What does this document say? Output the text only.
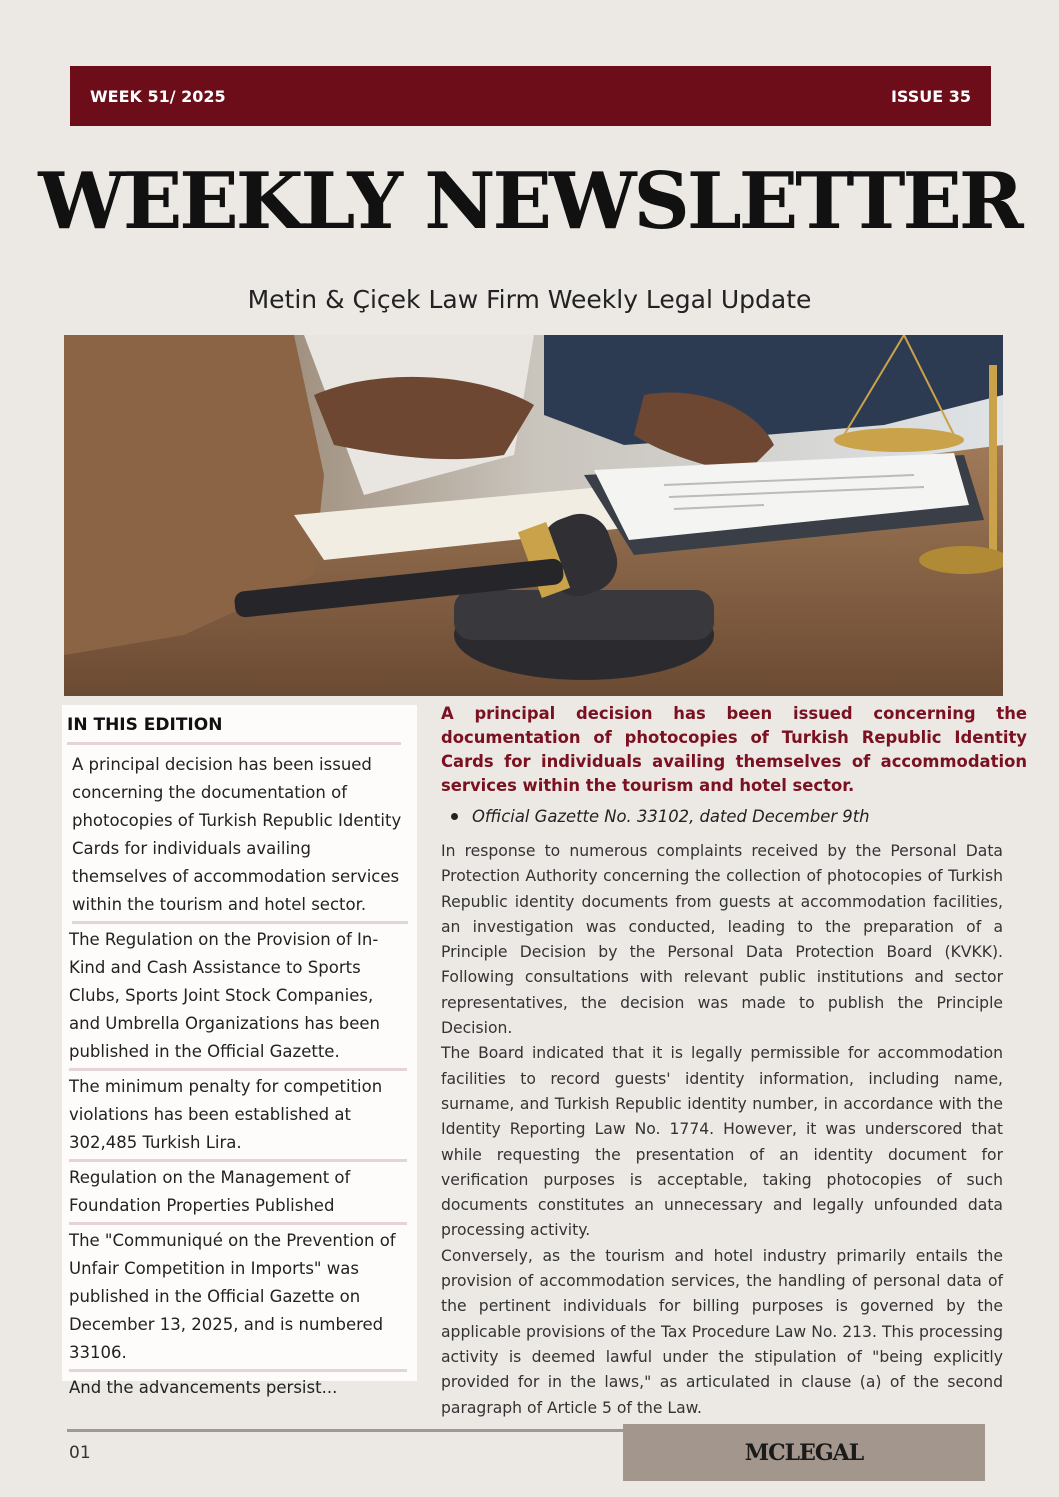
WEEK 51/ 2025	ISSUE 35
WEEKLY NEWSLETTER
Metin & Çiçek Law Firm Weekly Legal Update
IN THIS EDITION
A principal decision has been issued concerning the documentation of photocopies of Turkish Republic Identity Cards for individuals availing themselves of accommodation services within the tourism and hotel sector.
The Regulation on the Provision of In-Kind and Cash Assistance to Sports Clubs, Sports Joint Stock Companies, and Umbrella Organizations has been published in the Official Gazette.
The minimum penalty for competition violations has been established at 302,485 Turkish Lira.
Regulation on the Management of Foundation Properties Published
The "Communiqué on the Prevention of Unfair Competition in Imports" was published in the Official Gazette on December 13, 2025, and is numbered 33106.
And the advancements persist...

A principal decision has been issued concerning the documentation of photocopies of Turkish Republic Identity Cards for individuals availing themselves of accommodation services within the tourism and hotel sector.

Official Gazette No. 33102, dated December 9th

In response to numerous complaints received by the Personal Data Protection Authority concerning the collection of photocopies of Turkish Republic identity documents from guests at accommodation facilities, an investigation was conducted, leading to the preparation of a Principle Decision by the Personal Data Protection Board (KVKK). Following consultations with relevant public institutions and sector representatives, the decision was made to publish the Principle Decision.

The Board indicated that it is legally permissible for accommodation facilities to record guests' identity information, including name, surname, and Turkish Republic identity number, in accordance with the Identity Reporting Law No. 1774. However, it was underscored that while requesting the presentation of an identity document for verification purposes is acceptable, taking photocopies of such documents constitutes an unnecessary and legally unfounded data processing activity.

Conversely, as the tourism and hotel industry primarily entails the provision of accommodation services, the handling of personal data of the pertinent individuals for billing purposes is governed by the applicable provisions of the Tax Procedure Law No. 213. This processing activity is deemed lawful under the stipulation of "being explicitly provided for in the laws," as articulated in clause (a) of the second paragraph of Article 5 of the Law.

01	MCLEGAL
